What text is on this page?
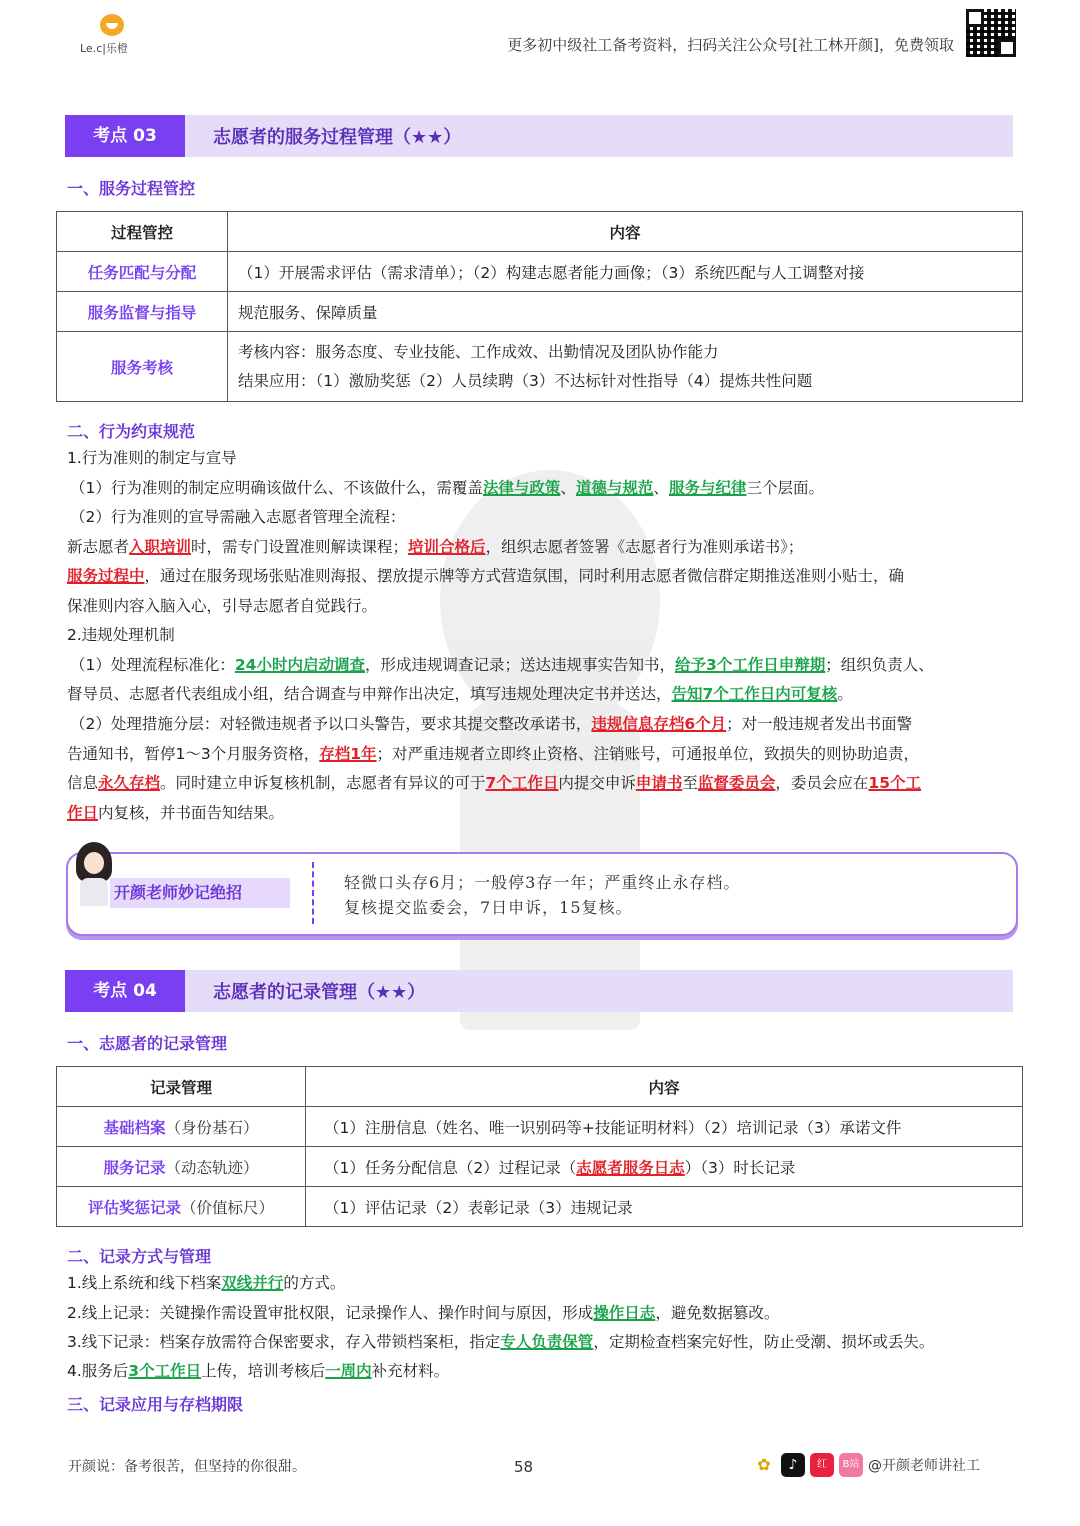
Le.c|乐橙	更多初中级社工备考资料，扫码关注公众号[社工林开颜]，免费领取
考点 03	志愿者的服务过程管理（★★）
一、服务过程管控
过程管控	内容
任务匹配与分配	（1）开展需求评估（需求清单）；（2）构建志愿者能力画像；（3）系统匹配与人工调整对接
服务监督与指导	规范服务、保障质量
服务考核	考核内容：服务态度、专业技能、工作成效、出勤情况及团队协作能力
结果应用：（1）激励奖惩（2）人员续聘（3）不达标针对性指导（4）提炼共性问题
二、行为约束规范
1.行为准则的制定与宣导
（1）行为准则的制定应明确该做什么、不该做什么，需覆盖法律与政策、道德与规范、服务与纪律三个层面。
（2）行为准则的宣导需融入志愿者管理全流程：
新志愿者入职培训时，需专门设置准则解读课程；培训合格后，组织志愿者签署《志愿者行为准则承诺书》；
服务过程中，通过在服务现场张贴准则海报、摆放提示牌等方式营造氛围，同时利用志愿者微信群定期推送准则小贴士，确
保准则内容入脑入心，引导志愿者自觉践行。
2.违规处理机制
（1）处理流程标准化：24小时内启动调查，形成违规调查记录；送达违规事实告知书，给予3个工作日申辩期；组织负责人、
督导员、志愿者代表组成小组，结合调查与申辩作出决定，填写违规处理决定书并送达，告知7个工作日内可复核。
（2）处理措施分层：对轻微违规者予以口头警告，要求其提交整改承诺书，违规信息存档6个月；对一般违规者发出书面警
告通知书，暂停1～3个月服务资格，存档1年；对严重违规者立即终止资格、注销账号，可通报单位，致损失的则协助追责，
信息永久存档。同时建立申诉复核机制，志愿者有异议的可于7个工作日内提交申诉申请书至监督委员会，委员会应在15个工
作日内复核，并书面告知结果。
开颜老师妙记绝招
轻微口头存6月；一般停3存一年；严重终止永存档。
复核提交监委会，7日申诉，15复核。
考点 04	志愿者的记录管理（★★）
一、志愿者的记录管理
记录管理	内容
基础档案（身份基石）	（1）注册信息（姓名、唯一识别码等+技能证明材料）（2）培训记录（3）承诺文件
服务记录（动态轨迹）	（1）任务分配信息（2）过程记录（志愿者服务日志）（3）时长记录
评估奖惩记录（价值标尺）	（1）评估记录（2）表彰记录（3）违规记录
二、记录方式与管理
1.线上系统和线下档案双线并行的方式。
2.线上记录：关键操作需设置审批权限，记录操作人、操作时间与原因，形成操作日志，避免数据篡改。
3.线下记录：档案存放需符合保密要求，存入带锁档案柜，指定专人负责保管，定期检查档案完好性，防止受潮、损坏或丢失。
4.服务后3个工作日上传，培训考核后一周内补充材料。
三、记录应用与存档期限
开颜说：备考很苦，但坚持的你很甜。	58	✿	♪	红	B站 @开颜老师讲社工
